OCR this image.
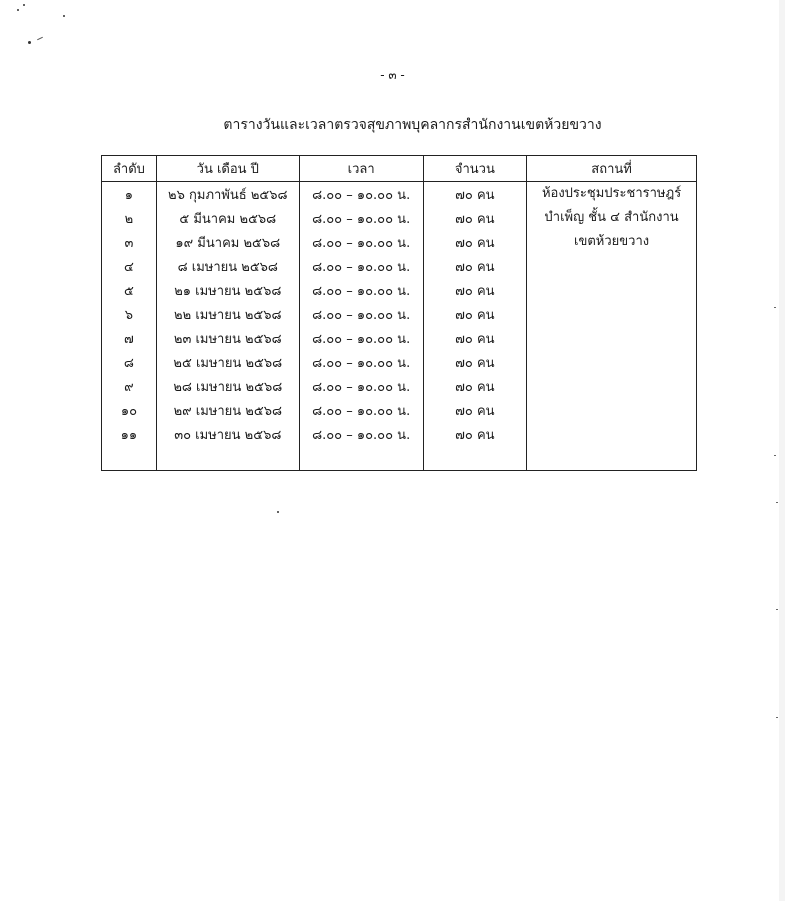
- ๓ -
ตารางวันและเวลาตรวจสุขภาพบุคลากรสำนักงานเขตห้วยขวาง
ลำดับ	วัน เดือน ปี	เวลา	จำนวน	สถานที่
๑	๒๖ กุมภาพันธ์ ๒๕๖๘	๘.๐๐ – ๑๐.๐๐ น.	๗๐ คน	ห้องประชุมประชาราษฎร์
บำเพ็ญ ชั้น ๔ สำนักงาน
เขตห้วยขวาง

๒	๕ มีนาคม ๒๕๖๘	๘.๐๐ – ๑๐.๐๐ น.	๗๐ คน	
๓	๑๙ มีนาคม ๒๕๖๘	๘.๐๐ – ๑๐.๐๐ น.	๗๐ คน	
๔	๘ เมษายน ๒๕๖๘	๘.๐๐ – ๑๐.๐๐ น.	๗๐ คน	
๕	๒๑ เมษายน ๒๕๖๘	๘.๐๐ – ๑๐.๐๐ น.	๗๐ คน	
๖	๒๒ เมษายน ๒๕๖๘	๘.๐๐ – ๑๐.๐๐ น.	๗๐ คน	
๗	๒๓ เมษายน ๒๕๖๘	๘.๐๐ – ๑๐.๐๐ น.	๗๐ คน	
๘	๒๕ เมษายน ๒๕๖๘	๘.๐๐ – ๑๐.๐๐ น.	๗๐ คน	
๙	๒๘ เมษายน ๒๕๖๘	๘.๐๐ – ๑๐.๐๐ น.	๗๐ คน	
๑๐	๒๙ เมษายน ๒๕๖๘	๘.๐๐ – ๑๐.๐๐ น.	๗๐ คน	
๑๑	๓๐ เมษายน ๒๕๖๘	๘.๐๐ – ๑๐.๐๐ น.	๗๐ คน	
